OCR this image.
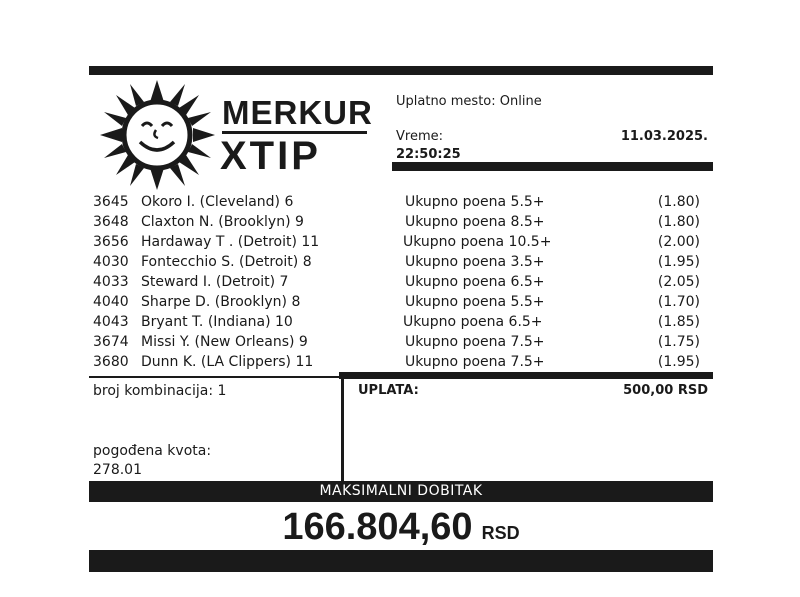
MERKUR
XTIP
Uplatno mesto: Online
Vreme:	11.03.2025.
22:50:25
3645 Okoro I. (Cleveland) 6	Ukupno poena 5.5+	(1.80)
3648 Claxton N. (Brooklyn) 9	Ukupno poena 8.5+	(1.80)
3656 Hardaway T . (Detroit) 11	Ukupno poena 10.5+	(2.00)
4030 Fontecchio S. (Detroit) 8	Ukupno poena 3.5+	(1.95)
4033 Steward I. (Detroit) 7	Ukupno poena 6.5+	(2.05)
4040 Sharpe D. (Brooklyn) 8	Ukupno poena 5.5+	(1.70)
4043 Bryant T. (Indiana) 10	Ukupno poena 6.5+	(1.85)
3674 Missi Y. (New Orleans) 9	Ukupno poena 7.5+	(1.75)
3680 Dunn K. (LA Clippers) 11	Ukupno poena 7.5+	(1.95)
broj kombinacija: 1	UPLATA:	500,00 RSD
pogođena kvota:
278.01
MAKSIMALNI DOBITAK
166.804,60 RSD
